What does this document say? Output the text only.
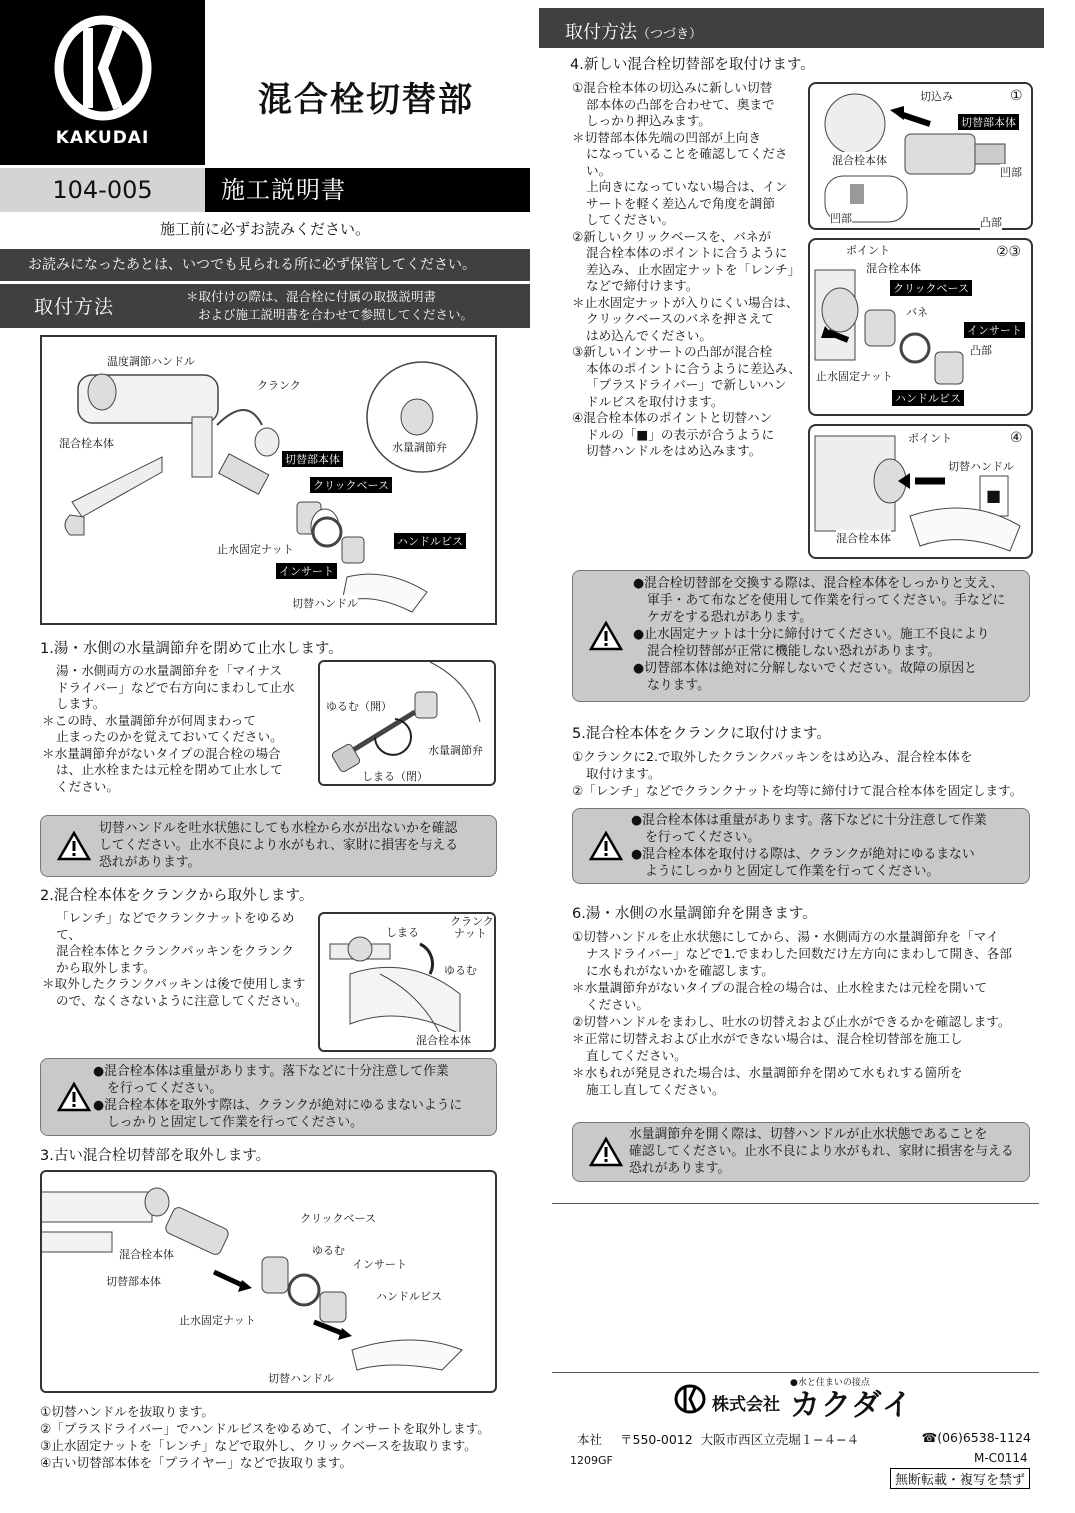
KAKUDAI
混合栓切替部
104-005	施工説明書
施工前に必ずお読みください。
お読みになったあとは、いつでも見られる所に必ず保管してください。
取付方法	＊取付けの際は、混合栓に付属の取扱説明書
および施工説明書を合わせて参照してください。
温度調節ハンドル
クランク
混合栓本体	水量調節弁
切替部本体
クリックベース
止水固定ナット
ハンドルビス
インサート
切替ハンドル
1.湯・水側の水量調節弁を閉めて止水します。
湯・水側両方の水量調節弁を「マイナス
ドライバー」などで右方向にまわして止水
します。
＊この時、水量調節弁が何周まわって
止まったのかを覚えておいてください。
＊水量調節弁がないタイプの混合栓の場合
は、止水栓または元栓を閉めて止水して
ください。
ゆるむ（開）
水量調節弁
しまる（閉）
切替ハンドルを吐水状態にしても水栓から水が出ないかを確認
してください。止水不良により水がもれ、家財に損害を与える
恐れがあります。
2.混合栓本体をクランクから取外します。
「レンチ」などでクランクナットをゆるめて、
混合栓本体とクランクパッキンをクランク
から取外します。
＊取外したクランクパッキンは後で使用します
ので、なくさないように注意してください。
しまる
クランク
ナット
ゆるむ
混合栓本体
●混合栓本体は重量があります。落下などに十分注意して作業
を行ってください。
●混合栓本体を取外す際は、クランクが絶対にゆるまないように
しっかりと固定して作業を行ってください。
3.古い混合栓切替部を取外します。
クリックベース
混合栓本体	ゆるむ
インサート
切替部本体
ハンドルビス
止水固定ナット
切替ハンドル
①切替ハンドルを抜取ります。
②「プラスドライバー」でハンドルビスをゆるめて、インサートを取外します。
③止水固定ナットを「レンチ」などで取外し、クリックベースを抜取ります。
④古い切替部本体を「プライヤー」などで抜取ります。
取付方法（つづき）
4.新しい混合栓切替部を取付けます。
①混合栓本体の切込みに新しい切替
部本体の凸部を合わせて、奥まで
しっかり押込みます。
＊切替部本体先端の凹部が上向き
になっていることを確認してください。
上向きになっていない場合は、イン
サートを軽く差込んで角度を調節
してください。
②新しいクリックベースを、バネが
混合栓本体のポイントに合うように
差込み、止水固定ナットを「レンチ」
などで締付けます。
＊止水固定ナットが入りにくい場合は、
クリックベースのバネを押さえて
はめ込んでください。
③新しいインサートの凸部が混合栓
本体のポイントに合うように差込み、
「プラスドライバー」で新しいハン
ドルビスを取付けます。
④混合栓本体のポイントと切替ハン
ドルの「■」の表示が合うように
切替ハンドルをはめ込みます。
①
切込み
切替部本体
混合栓本体
凹部
凹部	凸部
②③
ポイント
混合栓本体
クリックベース
バネ
インサート
凸部
止水固定ナット
ハンドルビス
④
ポイント
切替ハンドル
■
混合栓本体
●混合栓切替部を交換する際は、混合栓本体をしっかりと支え、
軍手・あて布などを使用して作業を行ってください。手などに
ケガをする恐れがあります。
●止水固定ナットは十分に締付けてください。施工不良により
混合栓切替部が正常に機能しない恐れがあります。
●切替部本体は絶対に分解しないでください。故障の原因と
なります。
5.混合栓本体をクランクに取付けます。
①クランクに2.で取外したクランクパッキンをはめ込み、混合栓本体を
取付けます。
②「レンチ」などでクランクナットを均等に締付けて混合栓本体を固定します。
●混合栓本体は重量があります。落下などに十分注意して作業
を行ってください。
●混合栓本体を取付ける際は、クランクが絶対にゆるまない
ようにしっかりと固定して作業を行ってください。
6.湯・水側の水量調節弁を開きます。
①切替ハンドルを止水状態にしてから、湯・水側両方の水量調節弁を「マイ
ナスドライバー」などで1.でまわした回数だけ左方向にまわして開き、各部
に水もれがないかを確認します。
＊水量調節弁がないタイプの混合栓の場合は、止水栓または元栓を開いて
ください。
②切替ハンドルをまわし、吐水の切替えおよび止水ができるかを確認します。
＊正常に切替えおよび止水ができない場合は、混合栓切替部を施工し
直してください。
＊水もれが発見された場合は、水量調節弁を閉めて水もれする箇所を
施工し直してください。
水量調節弁を開く際は、切替ハンドルが止水状態であることを
確認してください。止水不良により水がもれ、家財に損害を与える
恐れがあります。
●水と住まいの接点
株式会社 カクダイ
本社 〒550-0012 大阪市西区立売堀１−４−４	☎(06)6538-1124
1209GF	M-C0114
無断転載・複写を禁ず
